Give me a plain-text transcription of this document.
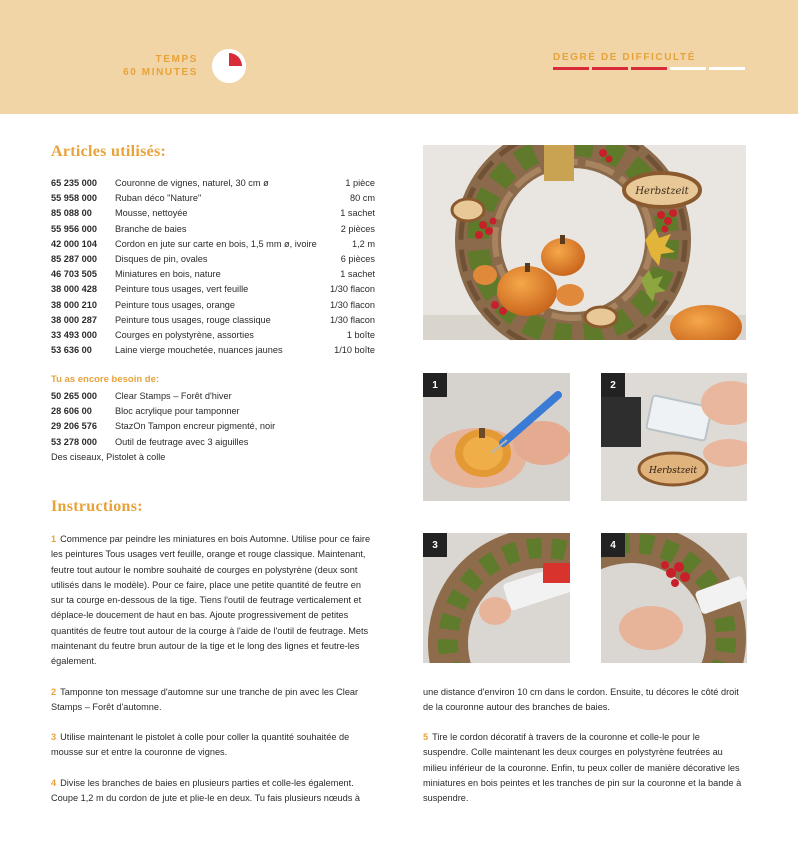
TEMPS
60 MINUTES
DEGRÉ DE DIFFICULTÉ
Articles utilisés:
65 235 000	Couronne de vignes, naturel, 30 cm ø	1 pièce
55 958 000	Ruban déco "Nature"	80 cm
85 088 00	Mousse, nettoyée	1 sachet
55 956 000	Branche de baies	2 pièces
42 000 104	Cordon en jute sur carte en bois, 1,5 mm ø, ivoire	1,2 m
85 287 000	Disques de pin, ovales	6 pièces
46 703 505	Miniatures en bois, nature	1 sachet
38 000 428	Peinture tous usages, vert feuille	1/30 flacon
38 000 210	Peinture tous usages, orange	1/30 flacon
38 000 287	Peinture tous usages, rouge classique	1/30 flacon
33 493 000	Courges en polystyrène, assorties	1 boîte
53 636 00	Laine vierge mouchetée, nuances jaunes	1/10 boîte
Tu as encore besoin de:
50 265 000	Clear Stamps – Forêt d'hiver
28 606 00	Bloc acrylique pour tamponner
29 206 576	StazOn Tampon encreur pigmenté, noir
53 278 000	Outil de feutrage avec 3 aiguilles
Des ciseaux, Pistolet à colle
Instructions:
1 Commence par peindre les miniatures en bois Automne. Utilise pour ce faire les peintures Tous usages vert feuille, orange et rouge classique. Maintenant, feutre tout autour le nombre souhaité de courges en polystyrène (deux sont utilisés dans le modèle). Pour ce faire, place une petite quantité de feutre en sur ta courge en-dessous de la tige. Tiens l'outil de feutrage verticalement et déplace-le doucement de haut en bas. Ajoute progressivement de petites quantités de feutre tout autour de la courge à l'aide de l'outil de feutrage. Mets maintenant du feutre brun autour de la tige et le long des lignes et feutre-les également.
2 Tamponne ton message d'automne sur une tranche de pin avec les Clear Stamps – Forêt d'automne.
3 Utilise maintenant le pistolet à colle pour coller la quantité souhaitée de mousse sur et entre la couronne de vignes.
4 Divise les branches de baies en plusieurs parties et colle-les également. Coupe 1,2 m du cordon de jute et plie-le en deux. Tu fais plusieurs nœuds à
une distance d'environ 10 cm dans le cordon. Ensuite, tu décores le côté droit de la couronne autour des branches de baies.
5 Tire le cordon décoratif à travers de la couronne et colle-le pour le suspendre. Colle maintenant les deux courges en polystyrène feutrées au milieu inférieur de la couronne. Enfin, tu peux coller de manière décorative les miniatures en bois peintes et les tranches de pin sur la couronne et la bande à suspendre.
Herbstzeit
1
Herbstzeit
2
3	4
